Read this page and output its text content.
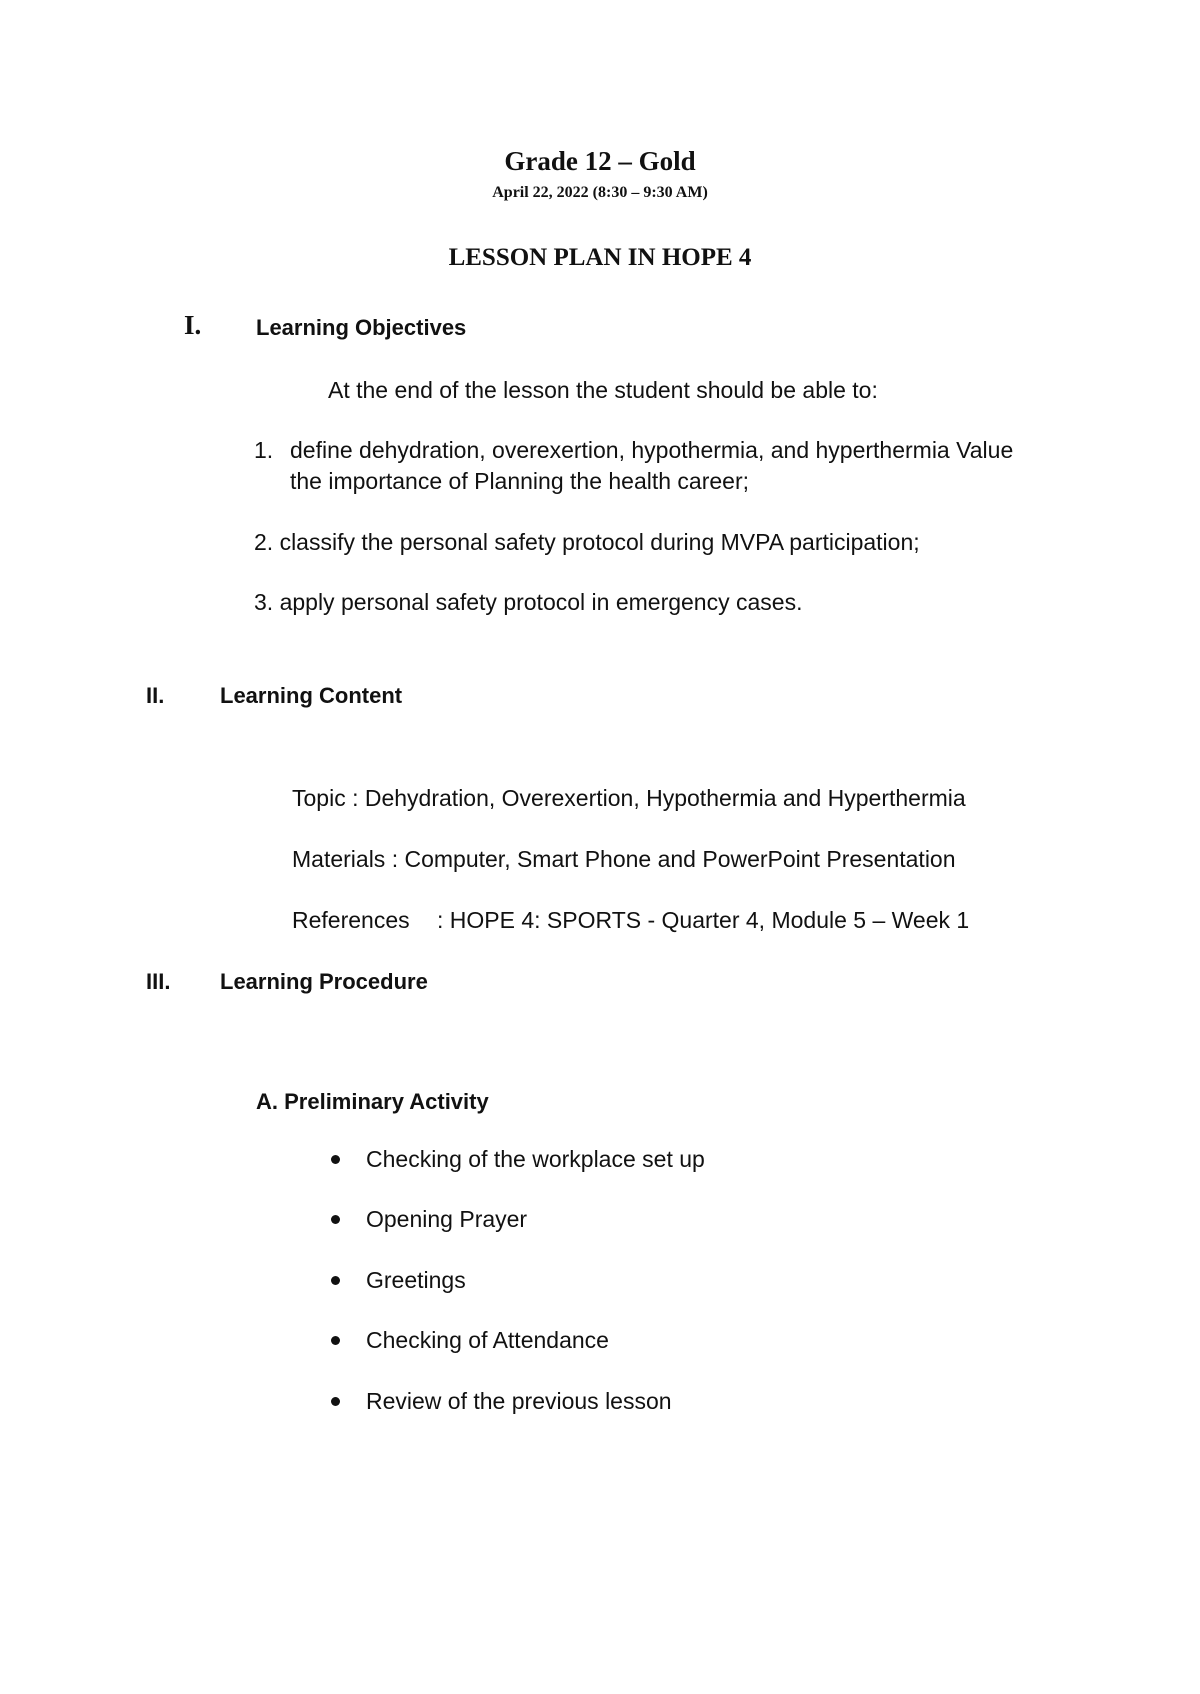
Grade 12 – Gold
April 22, 2022 (8:30 – 9:30 AM)
LESSON PLAN IN HOPE 4
I. Learning Objectives
At the end of the lesson the student should be able to:
1. define dehydration, overexertion, hypothermia, and hyperthermia Value
the importance of Planning the health career;
2. classify the personal safety protocol during MVPA participation;
3. apply personal safety protocol in emergency cases.
II.	Learning Content
Topic : Dehydration, Overexertion, Hypothermia and Hyperthermia
Materials : Computer, Smart Phone and PowerPoint Presentation
References : HOPE 4: SPORTS - Quarter 4, Module 5 – Week 1
III. Learning Procedure
A. Preliminary Activity
Checking of the workplace set up
Opening Prayer
Greetings
Checking of Attendance
Review of the previous lesson
